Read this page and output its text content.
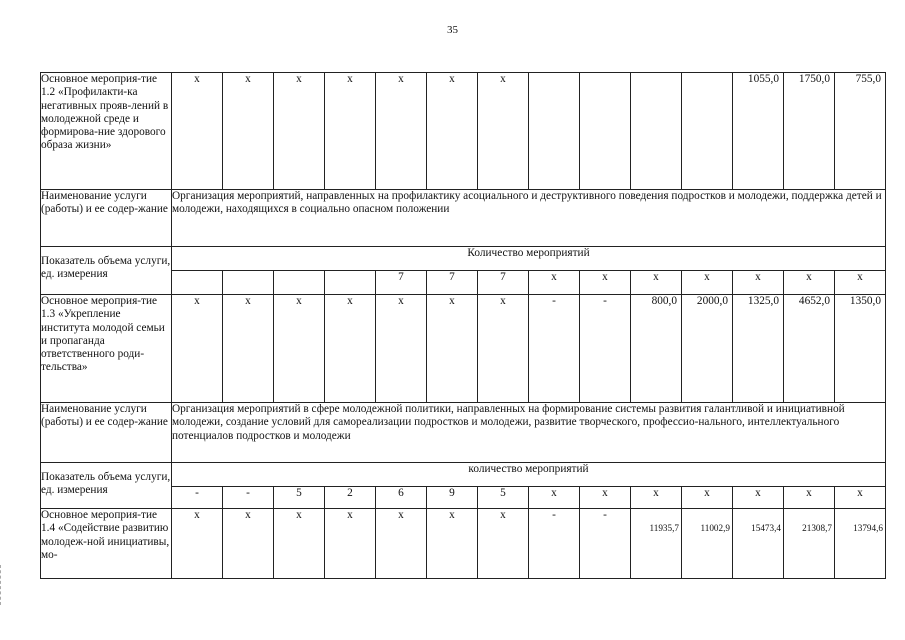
35
Основное мероприя-тие 1.2 «Профилакти-ка негативных прояв-лений в молодежной среде и формирова-ние здорового образа жизни»	x	x	x	x	x	x	x					1055,0	1750,0	755,0
Наименование услуги (работы) и ее содер-жание	Организация мероприятий, направленных на профилактику асоциального и деструктивного поведения подростков и молодежи, поддержка детей и молодежи, находящихся в социально опасном положении													
Показатель объема услуги, ед. измерения	Количество мероприятий													
					7	7	7	x	x	x	x	x	x	x
Основное мероприя-тие 1.3 «Укрепление института молодой семьи и пропаганда ответственного роди-тельства»	x	x	x	x	x	x	x	-	-	800,0	2000,0	1325,0	4652,0	1350,0
Наименование услуги (работы) и ее содер-жание	Организация мероприятий в сфере молодежной политики, направленных на формирование системы развития галантливой и инициативной молодежи, создание условий для самореализации подростков и молодежи, развитие творческого, профессио-нального, интеллектуального потенциалов подростков и молодежи													
Показатель объема услуги, ед. измерения	количество мероприятий													
	-	-	5	2	6	9	5	x	x	x	x	x	x	x
Основное мероприя-тие 1.4 «Содействие развитию молодеж-ной инициативы, мо-	x	x	x	x	x	x	x	-	-	11935,7	11002,9	15473,4	21308,7	13794,6
